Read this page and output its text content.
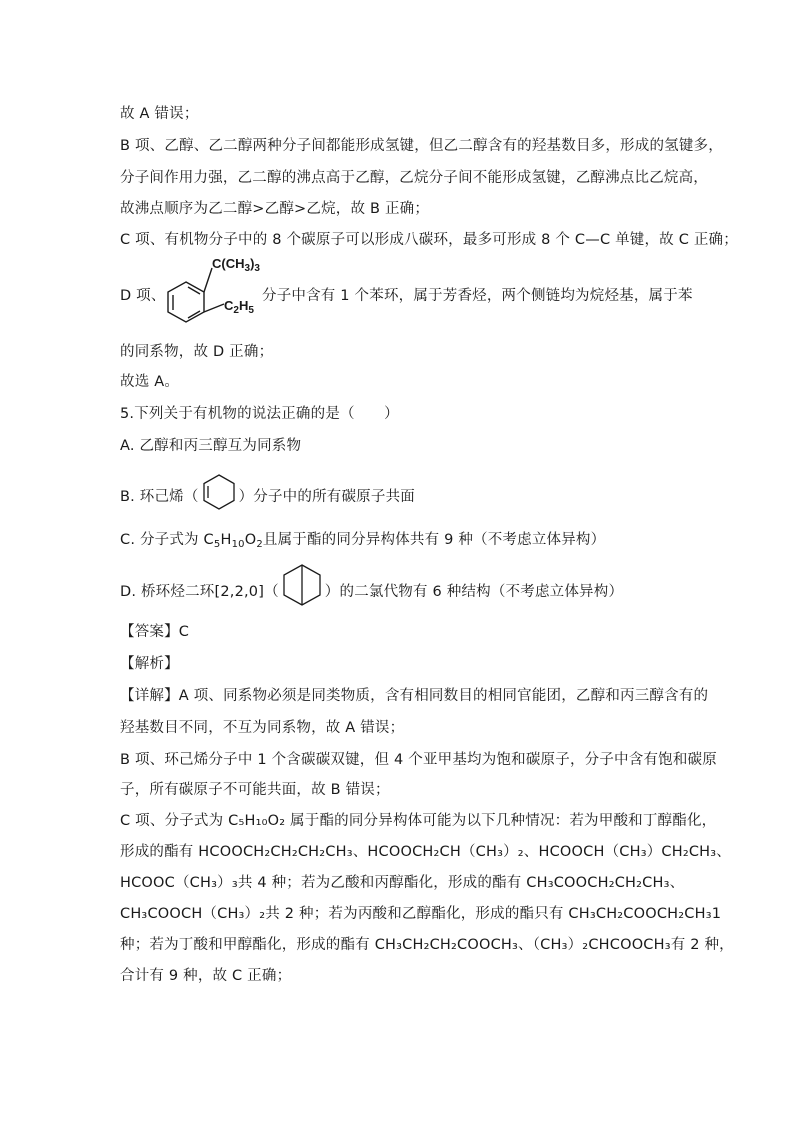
故 A 错误；
B 项、乙醇、乙二醇两种分子间都能形成氢键，但乙二醇含有的羟基数目多，形成的氢键多，
分子间作用力强，乙二醇的沸点高于乙醇，乙烷分子间不能形成氢键，乙醇沸点比乙烷高，
故沸点顺序为乙二醇>乙醇>乙烷，故 B 正确；
C 项、有机物分子中的 8 个碳原子可以形成八碳环，最多可形成 8 个 C—C 单键，故 C 正确；
D 项、
$C(CH_3)_3$
$C_2H_5$
分子中含有 1 个苯环，属于芳香烃，两个侧链均为烷烃基，属于苯
的同系物，故 D 正确；
故选 A。
5.下列关于有机物的说法正确的是（　　）
A. 乙醇和丙三醇互为同系物
B. 环己烯（	）分子中的所有碳原子共面
C. 分子式为 $C_5H_{10}O_2$且属于酯的同分异构体共有 9 种（不考虑立体异构）
D. 桥环烃二环[2,2,0]（	）的二氯代物有 6 种结构（不考虑立体异构）
【答案】C
【解析】
【详解】A 项、同系物必须是同类物质，含有相同数目的相同官能团，乙醇和丙三醇含有的
羟基数目不同，不互为同系物，故 A 错误；
B 项、环己烯分子中 1 个含碳碳双键，但 4 个亚甲基均为饱和碳原子，分子中含有饱和碳原
子，所有碳原子不可能共面，故 B 错误；
C 项、分子式为 C₅H₁₀O₂ 属于酯的同分异构体可能为以下几种情况：若为甲酸和丁醇酯化，
形成的酯有 HCOOCH₂CH₂CH₂CH₃、HCOOCH₂CH（CH₃）₂、HCOOCH（CH₃）CH₂CH₃、
HCOOC（CH₃）₃共 4 种；若为乙酸和丙醇酯化，形成的酯有 CH₃COOCH₂CH₂CH₃、
CH₃COOCH（CH₃）₂共 2 种；若为丙酸和乙醇酯化，形成的酯只有 CH₃CH₂COOCH₂CH₃1
种；若为丁酸和甲醇酯化，形成的酯有 CH₃CH₂CH₂COOCH₃、（CH₃）₂CHCOOCH₃有 2 种，
合计有 9 种，故 C 正确；
